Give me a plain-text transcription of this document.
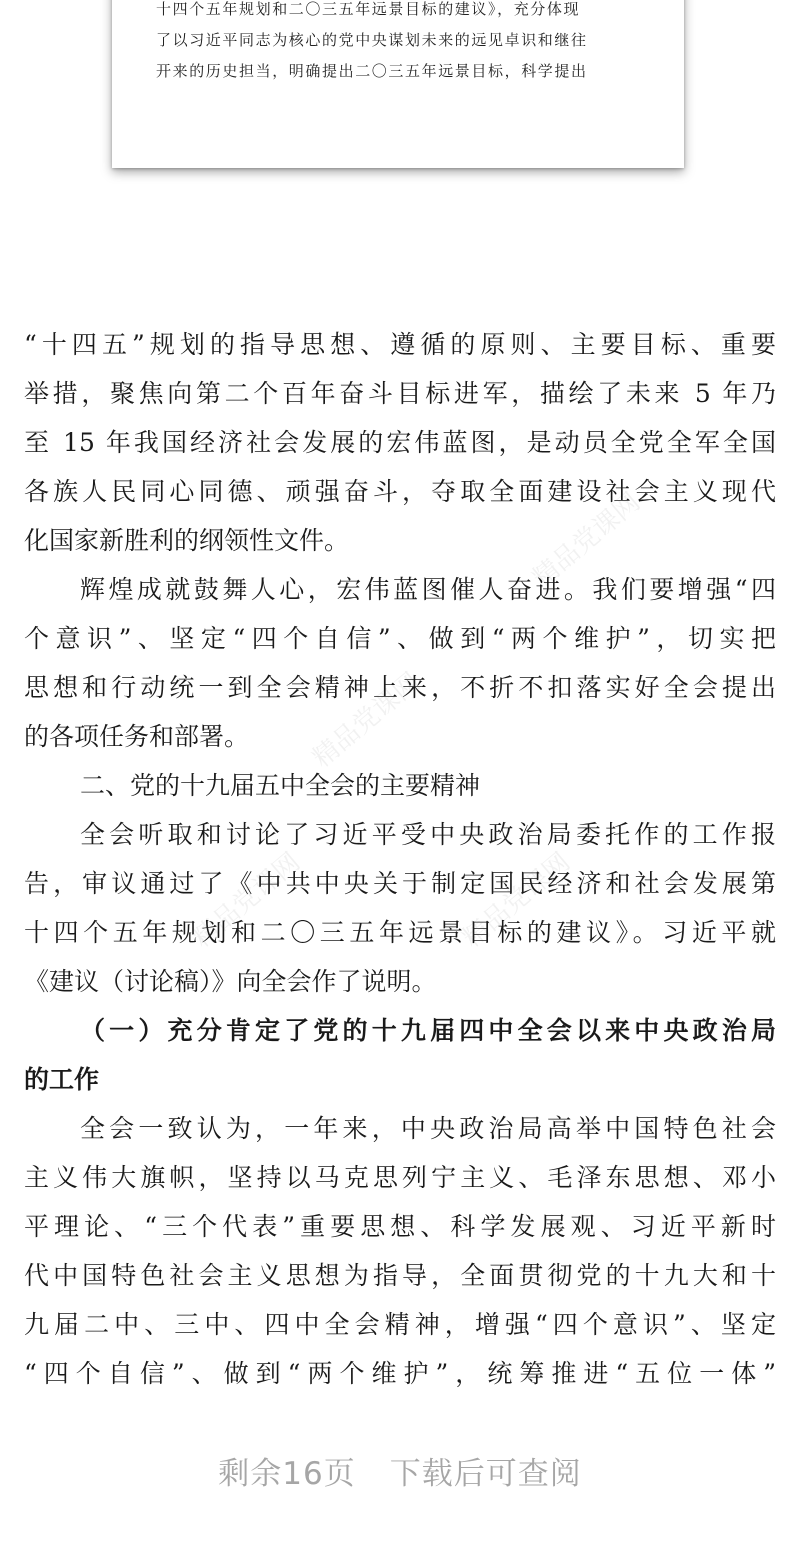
十四个五年规划和二〇三五年远景目标的建议》，充分体现
了以习近平同志为核心的党中央谋划未来的远见卓识和继往
开来的历史担当，明确提出二〇三五年远景目标，科学提出
精品党课网
精品党课网
精品党课网	精品党课网
“十四五”规划的指导思想、遵循的原则、主要目标、重要
举措，聚焦向第二个百年奋斗目标进军，描绘了未来 5 年乃
至 15 年我国经济社会发展的宏伟蓝图，是动员全党全军全国
各族人民同心同德、顽强奋斗，夺取全面建设社会主义现代
化国家新胜利的纲领性文件。
辉煌成就鼓舞人心，宏伟蓝图催人奋进。我们要增强“四
个意识”、坚定“四个自信”、做到“两个维护”，切实把
思想和行动统一到全会精神上来，不折不扣落实好全会提出
的各项任务和部署。
二、党的十九届五中全会的主要精神
全会听取和讨论了习近平受中央政治局委托作的工作报
告，审议通过了《中共中央关于制定国民经济和社会发展第
十四个五年规划和二〇三五年远景目标的建议》。习近平就
《建议（讨论稿）》向全会作了说明。
（一）充分肯定了党的十九届四中全会以来中央政治局
的工作
全会一致认为，一年来，中央政治局高举中国特色社会
主义伟大旗帜，坚持以马克思列宁主义、毛泽东思想、邓小
平理论、“三个代表”重要思想、科学发展观、习近平新时
代中国特色社会主义思想为指导，全面贯彻党的十九大和十
九届二中、三中、四中全会精神，增强“四个意识”、坚定
“四个自信”、做到“两个维护”，统筹推进“五位一体”
剩余16页 下载后可查阅
